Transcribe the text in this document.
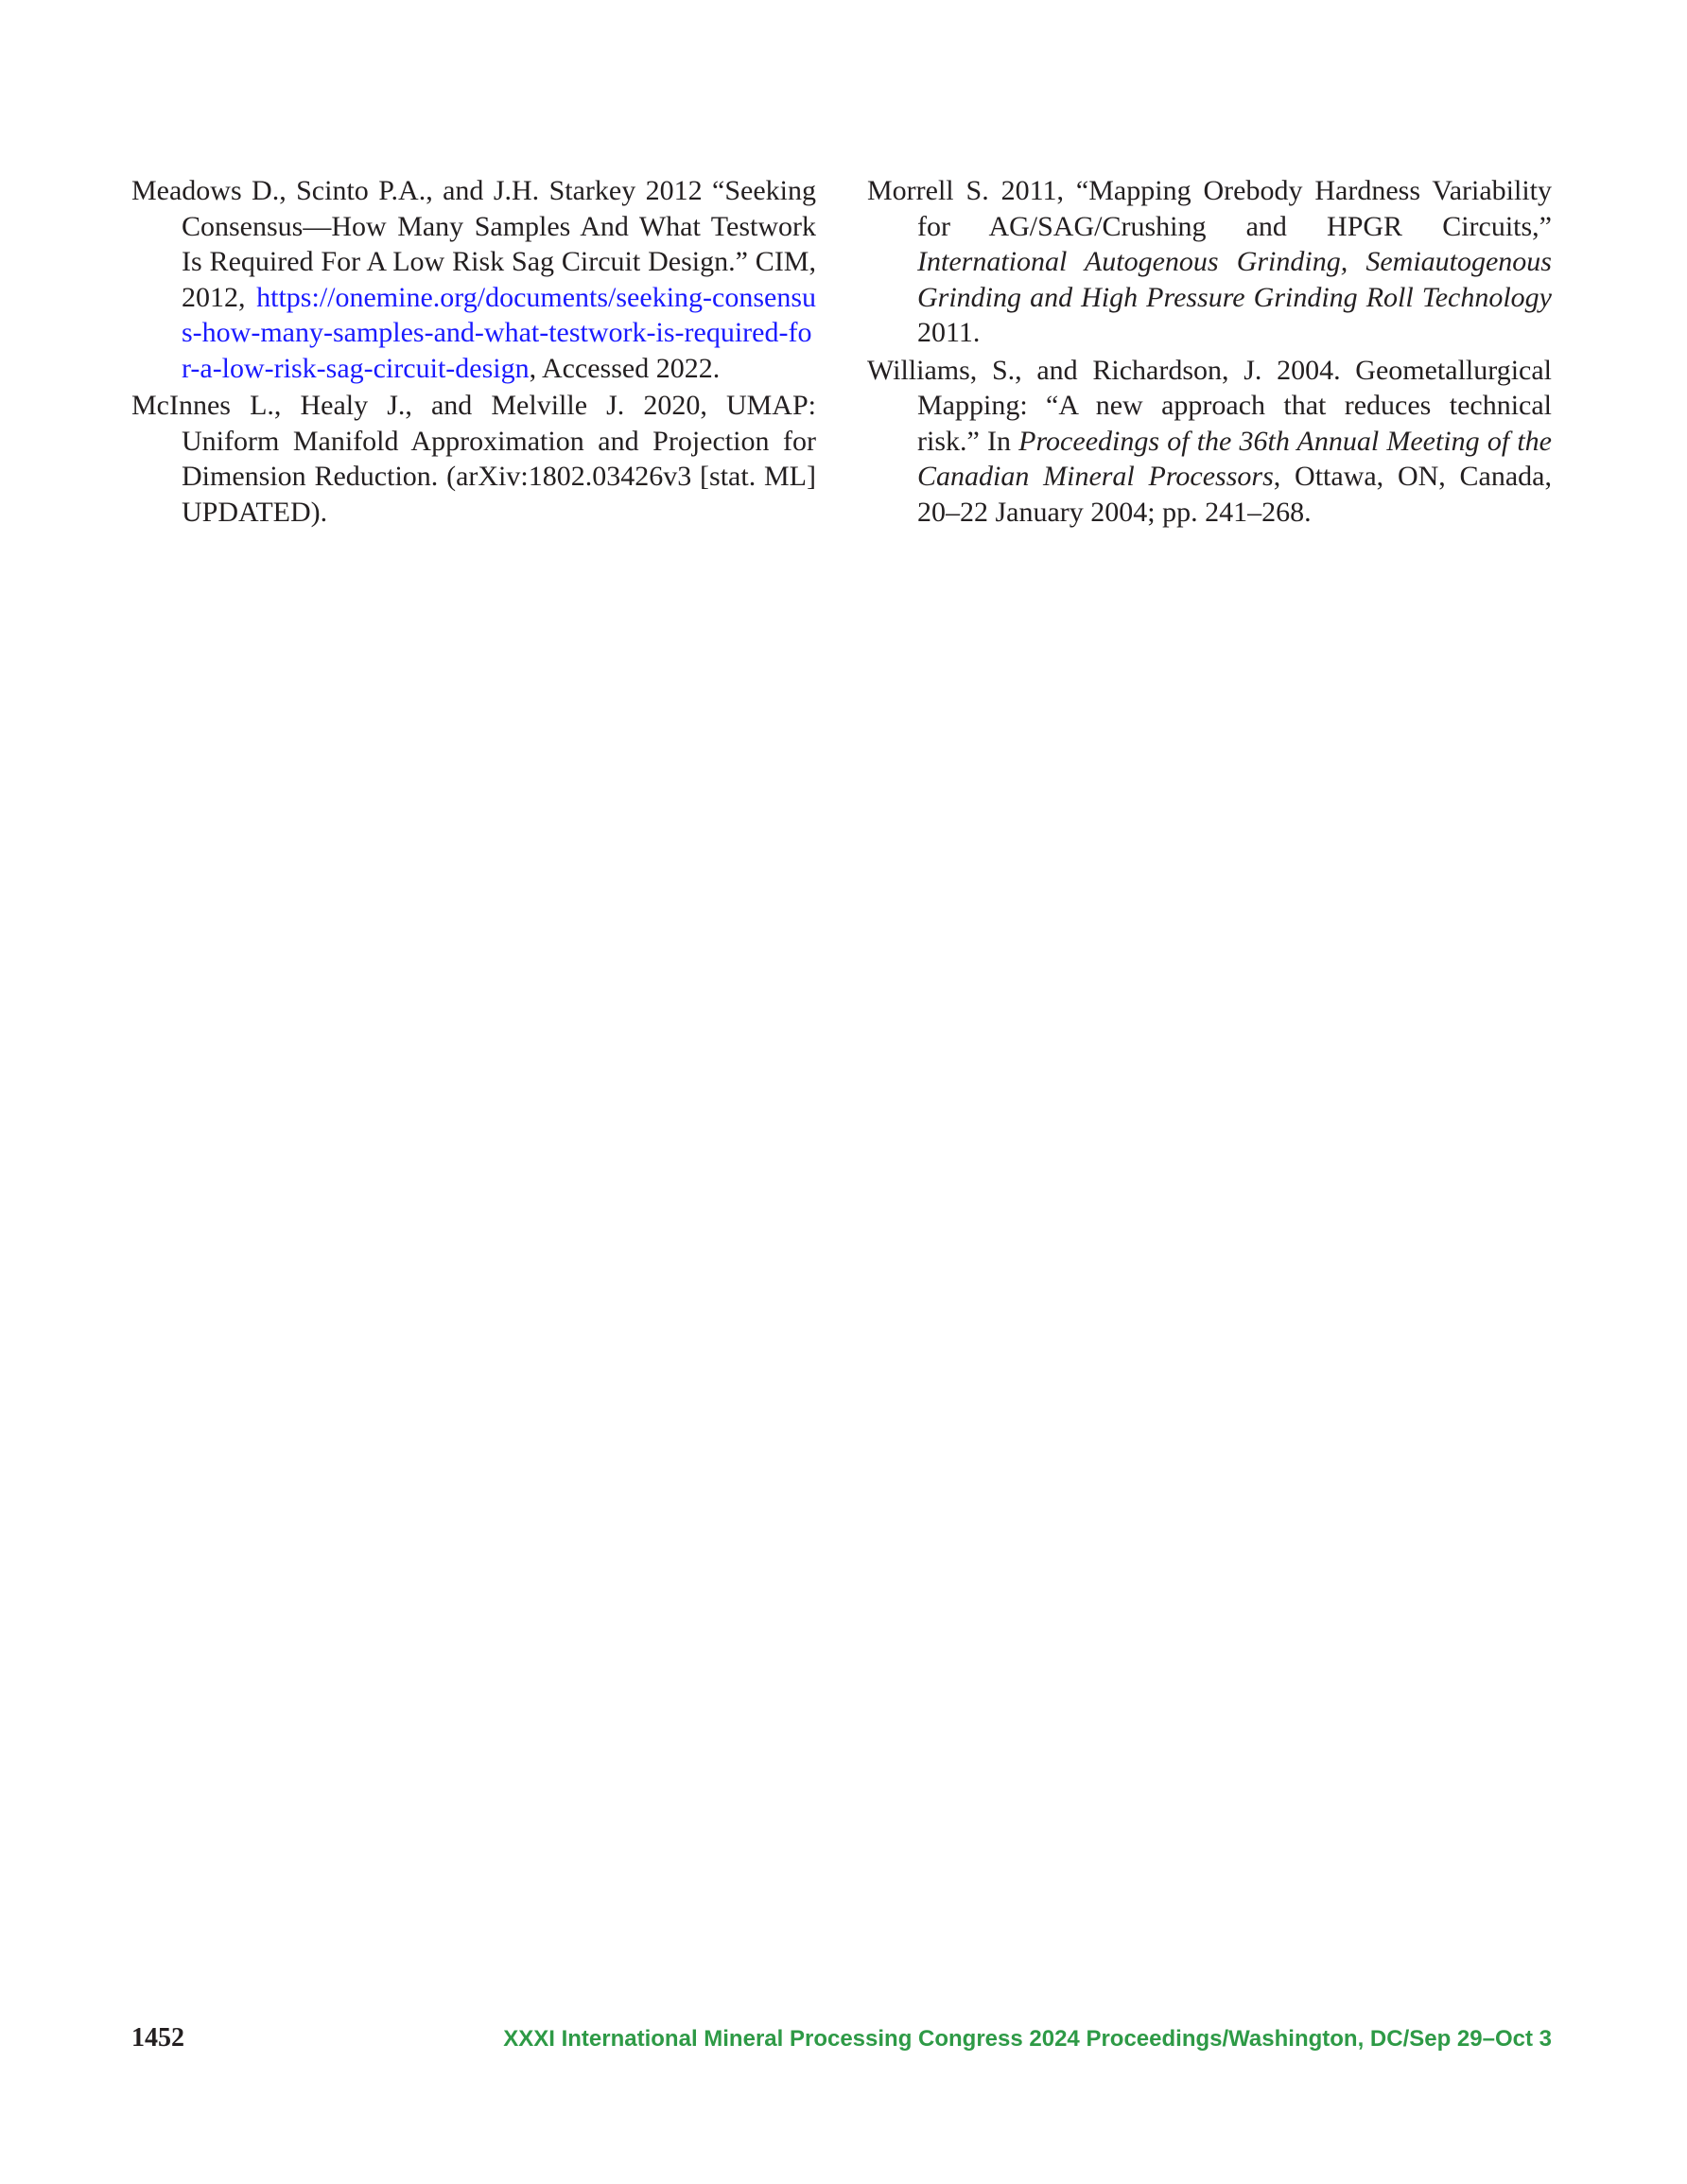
Meadows D., Scinto P.A., and J.H. Starkey 2012 “Seeking Consensus—How Many Samples And What Testwork Is Required For A Low Risk Sag Circuit Design.” CIM, 2012, https://onemine.org/documents/seeking-consensus-how-many-samples-and-what-testwork-is-required-for-a-low-risk-sag-circuit-design, Accessed 2022.

McInnes L., Healy J., and Melville J. 2020, UMAP: Uniform Manifold Approximation and Projection for Dimension Reduction. (arXiv:1802.03426v3 [stat. ML] UPDATED).

Morrell S. 2011, “Mapping Orebody Hardness Variability for AG/SAG/Crushing and HPGR Circuits,” International Autogenous Grinding, Semiautogenous Grinding and High Pressure Grinding Roll Technology 2011.

Williams, S., and Richardson, J. 2004. Geometallurgical Mapping: “A new approach that reduces technical risk.” In Proceedings of the 36th Annual Meeting of the Canadian Mineral Processors, Ottawa, ON, Canada, 20–22 January 2004; pp. 241–268.

1452	XXXI International Mineral Processing Congress 2024 Proceedings/Washington, DC/Sep 29–Oct 3
